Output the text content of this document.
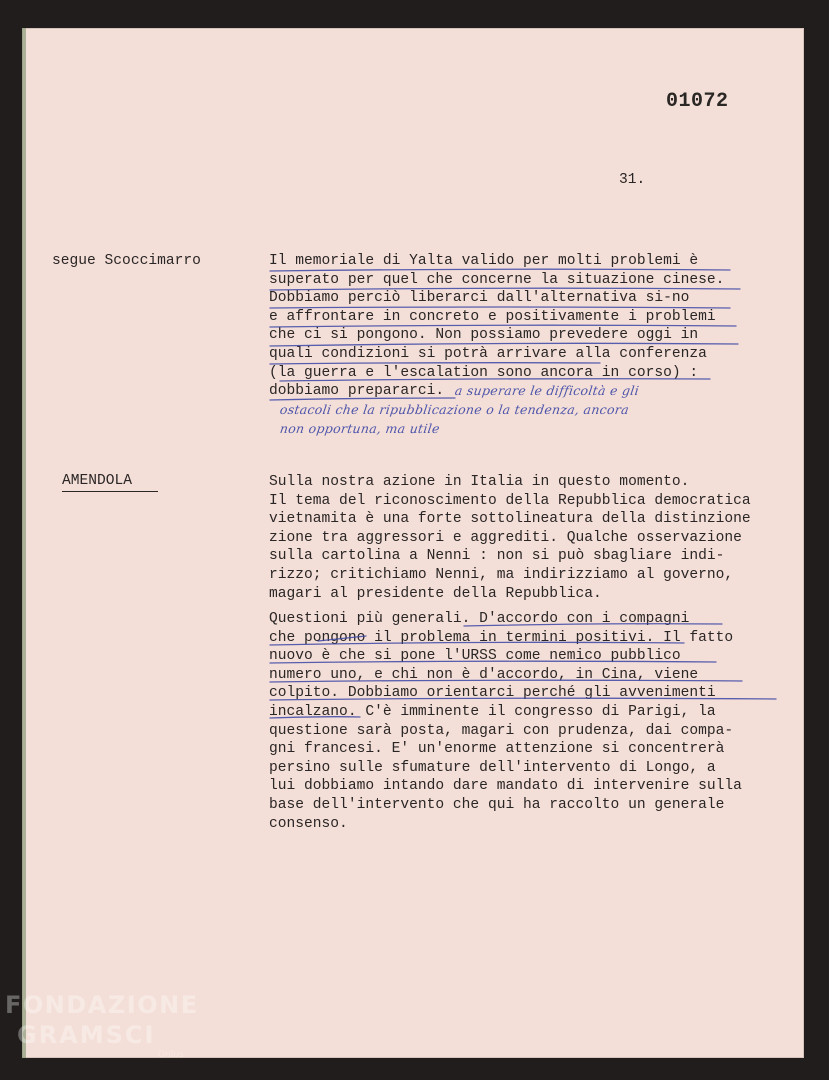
01072
31.
segue Scoccimarro	Il memoriale di Yalta valido per molti problemi è
superato per quel che concerne la situazione cinese.
Dobbiamo perciò liberarci dall'alternativa si-no
e affrontare in concreto e positivamente i problemi
che ci si pongono. Non possiamo prevedere oggi in
quali condizioni si potrà arrivare alla conferenza
(la guerra e l'escalation sono ancora in corso) :
dobbiamo prepararci. a superare le difficoltà e gli
ostacoli che la ripubblicazione o la tendenza, ancora
non opportuna, ma utile
AMENDOLA	Sulla nostra azione in Italia in questo momento.
Il tema del riconoscimento della Repubblica democratica
vietnamita è una forte sottolineatura della distinzione
zione tra aggressori e aggrediti. Qualche osservazione
sulla cartolina a Nenni : non si può sbagliare indi-
rizzo; critichiamo Nenni, ma indirizziamo al governo,
magari al presidente della Repubblica.
Questioni più generali. D'accordo con i compagni
che pongono il problema in termini positivi. Il fatto
nuovo è che si pone l'URSS come nemico pubblico
numero uno, e chi non è d'accordo, in Cina, viene
colpito. Dobbiamo orientarci perché gli avvenimenti
incalzano. C'è imminente il congresso di Parigi, la
questione sarà posta, magari con prudenza, dai compa-
gni francesi. E' un'enorme attenzione si concentrerà
persino sulle sfumature dell'intervento di Longo, a
lui dobbiamo intando dare mandato di intervenire sulla
base dell'intervento che qui ha raccolto un generale
consenso.
FONDAZIONE
GRAMSCI
Onlus
